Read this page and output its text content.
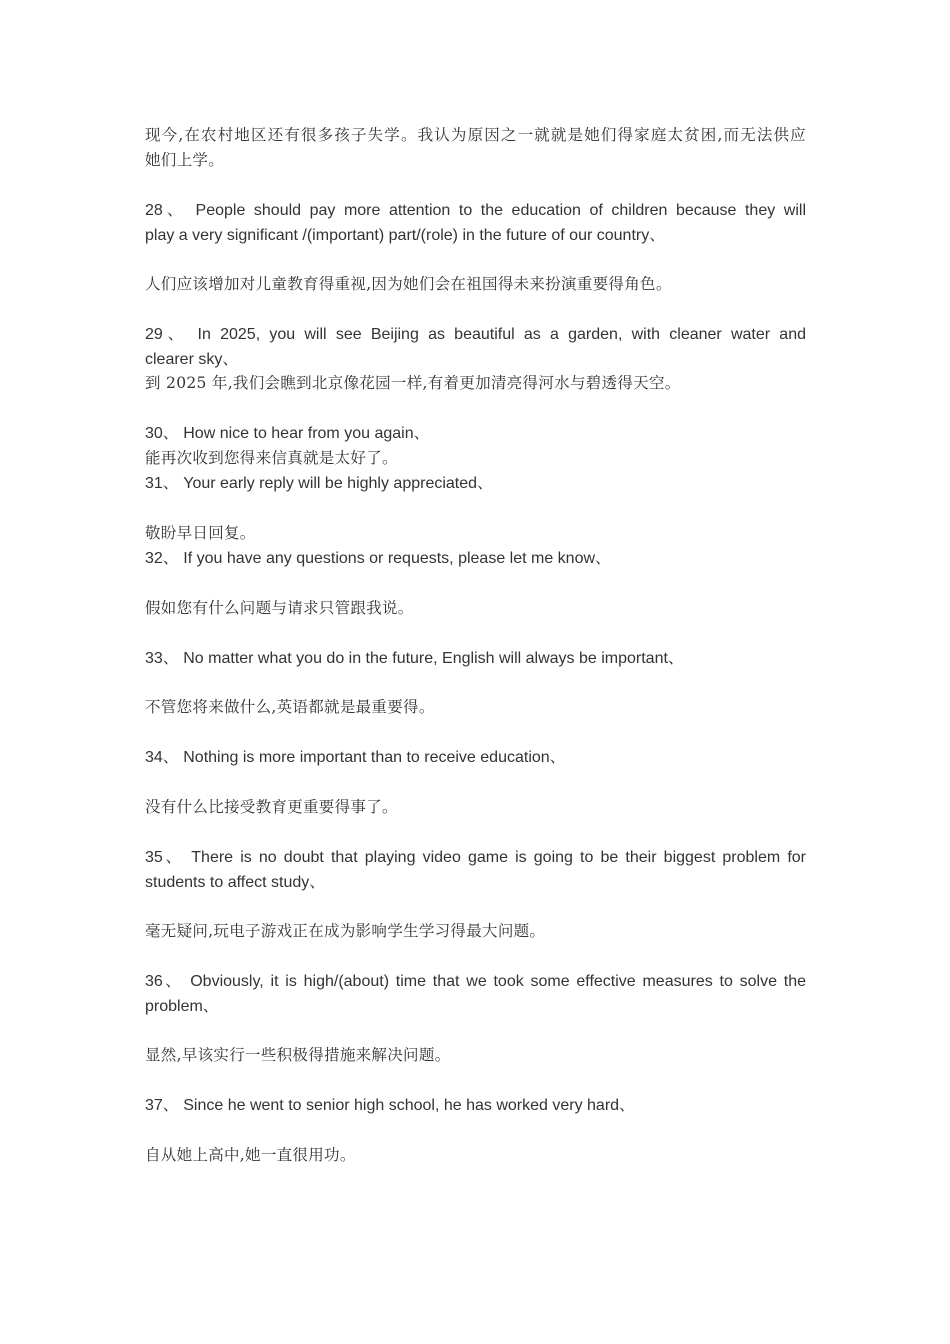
现今,在农村地区还有很多孩子失学。我认为原因之一就就是她们得家庭太贫困,而无法供应
她们上学。
28、 People should pay more attention to the education of children because they will
play a very significant /(important) part/(role) in the future of our country、
人们应该增加对儿童教育得重视,因为她们会在祖国得未来扮演重要得角色。
29、 In 2025, you will see Beijing as beautiful as a garden, with cleaner water and
clearer sky、
到 2025 年,我们会瞧到北京像花园一样,有着更加清亮得河水与碧透得天空。
30、 How nice to hear from you again、
能再次收到您得来信真就是太好了。
31、 Your early reply will be highly appreciated、
敬盼早日回复。
32、 If you have any questions or requests, please let me know、
假如您有什么问题与请求只管跟我说。
33、 No matter what you do in the future, English will always be important、
不管您将来做什么,英语都就是最重要得。
34、 Nothing is more important than to receive education、
没有什么比接受教育更重要得事了。
35、 There is no doubt that playing video game is going to be their biggest problem for
students to affect study、
毫无疑问,玩电子游戏正在成为影响学生学习得最大问题。
36、 Obviously, it is high/(about) time that we took some effective measures to solve the
problem、
显然,早该实行一些积极得措施来解决问题。
37、 Since he went to senior high school, he has worked very hard、
自从她上高中,她一直很用功。
